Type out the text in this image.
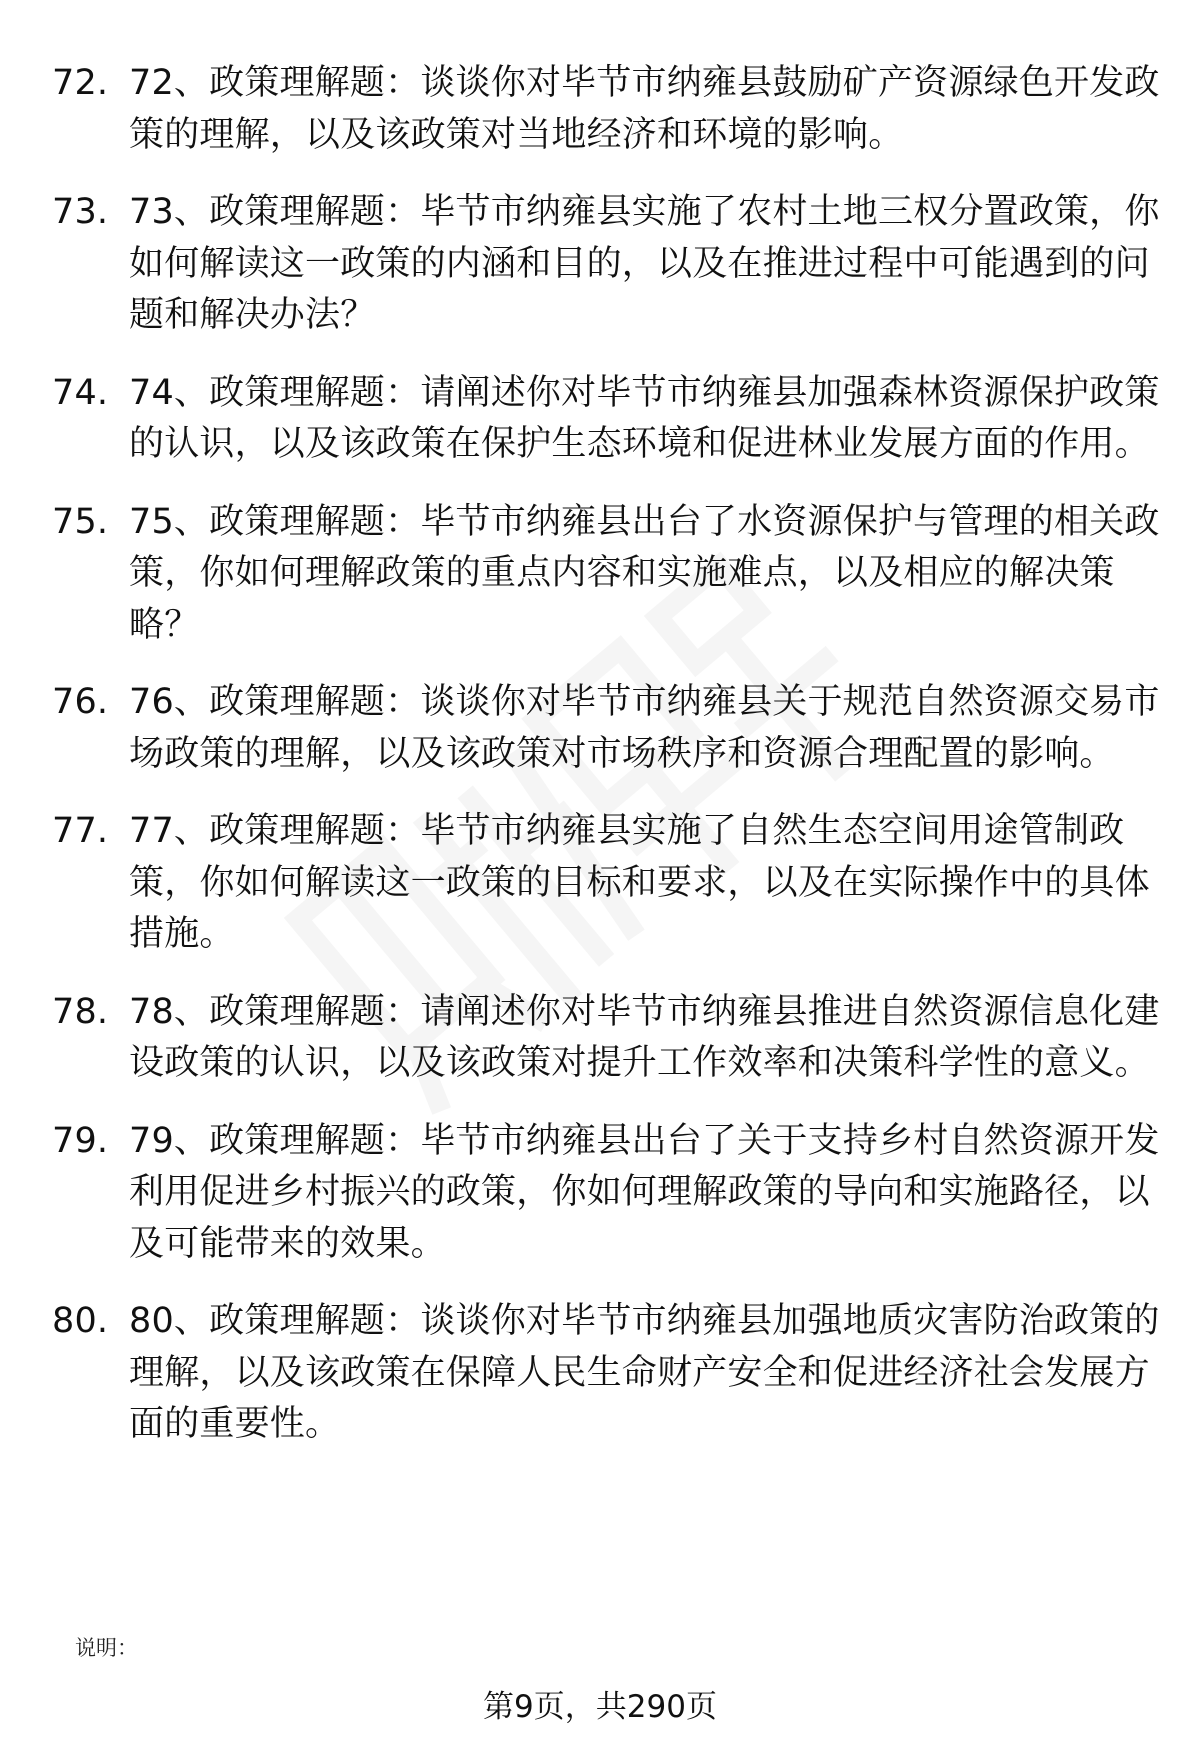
72. 72、政策理解题：谈谈你对毕节市纳雍县鼓励矿产资源绿色开发政策的理解，以及该政策对当地经济和环境的影响。
73. 73、政策理解题：毕节市纳雍县实施了农村土地三权分置政策，你如何解读这一政策的内涵和目的，以及在推进过程中可能遇到的问题和解决办法？
74. 74、政策理解题：请阐述你对毕节市纳雍县加强森林资源保护政策的认识，以及该政策在保护生态环境和促进林业发展方面的作用。
75. 75、政策理解题：毕节市纳雍县出台了水资源保护与管理的相关政策，你如何理解政策的重点内容和实施难点，以及相应的解决策略？
76. 76、政策理解题：谈谈你对毕节市纳雍县关于规范自然资源交易市场政策的理解，以及该政策对市场秩序和资源合理配置的影响。
77. 77、政策理解题：毕节市纳雍县实施了自然生态空间用途管制政策，你如何解读这一政策的目标和要求，以及在实际操作中的具体措施。
78. 78、政策理解题：请阐述你对毕节市纳雍县推进自然资源信息化建设政策的认识，以及该政策对提升工作效率和决策科学性的意义。
79. 79、政策理解题：毕节市纳雍县出台了关于支持乡村自然资源开发利用促进乡村振兴的政策，你如何理解政策的导向和实施路径，以及可能带来的效果。
80. 80、政策理解题：谈谈你对毕节市纳雍县加强地质灾害防治政策的理解，以及该政策在保障人民生命财产安全和促进经济社会发展方面的重要性。
说明：
第9页，共290页
